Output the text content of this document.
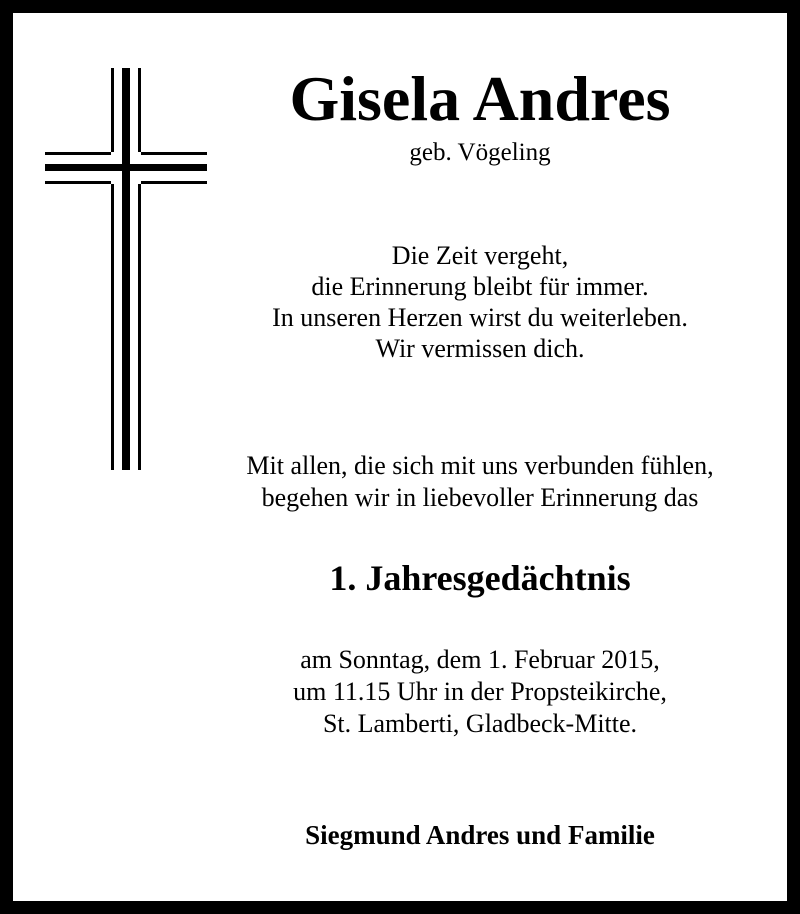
Gisela Andres
geb. Vögeling
Die Zeit vergeht,
die Erinnerung bleibt für immer.
In unseren Herzen wirst du weiterleben.
Wir vermissen dich.
Mit allen, die sich mit uns verbunden fühlen,
begehen wir in liebevoller Erinnerung das
1. Jahresgedächtnis
am Sonntag, dem 1. Februar 2015,
um 11.15 Uhr in der Propsteikirche,
St. Lamberti, Gladbeck-Mitte.
Siegmund Andres und Familie
